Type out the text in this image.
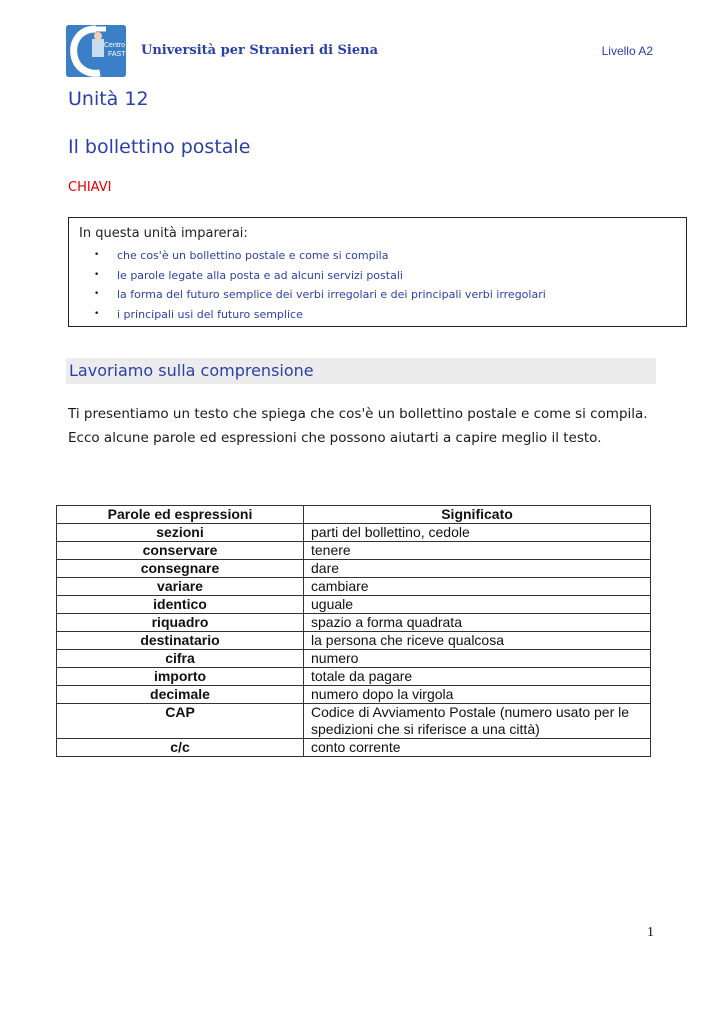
Centro
FAST Università per Stranieri di Siena	Livello A2
Unità 12
Il bollettino postale
CHIAVI
In questa unità imparerai:
• che cos'è un bollettino postale e come si compila
• le parole legate alla posta e ad alcuni servizi postali
• la forma del futuro semplice dei verbi irregolari e dei principali verbi irregolari
• i principali usi del futuro semplice
Lavoriamo sulla comprensione

Ti presentiamo un testo che spiega che cos'è un bollettino postale e come si compila.

Ecco alcune parole ed espressioni che possono aiutarti a capire meglio il testo.

Parole ed espressioni	Significato
sezioni	parti del bollettino, cedole
conservare	tenere
consegnare	dare
variare	cambiare
identico	uguale
riquadro	spazio a forma quadrata
destinatario	la persona che riceve qualcosa
cifra	numero
importo	totale da pagare
decimale	numero dopo la virgola
CAP	Codice di Avviamento Postale (numero usato per le spedizioni che si riferisce a una città)
c/c	conto corrente
1
